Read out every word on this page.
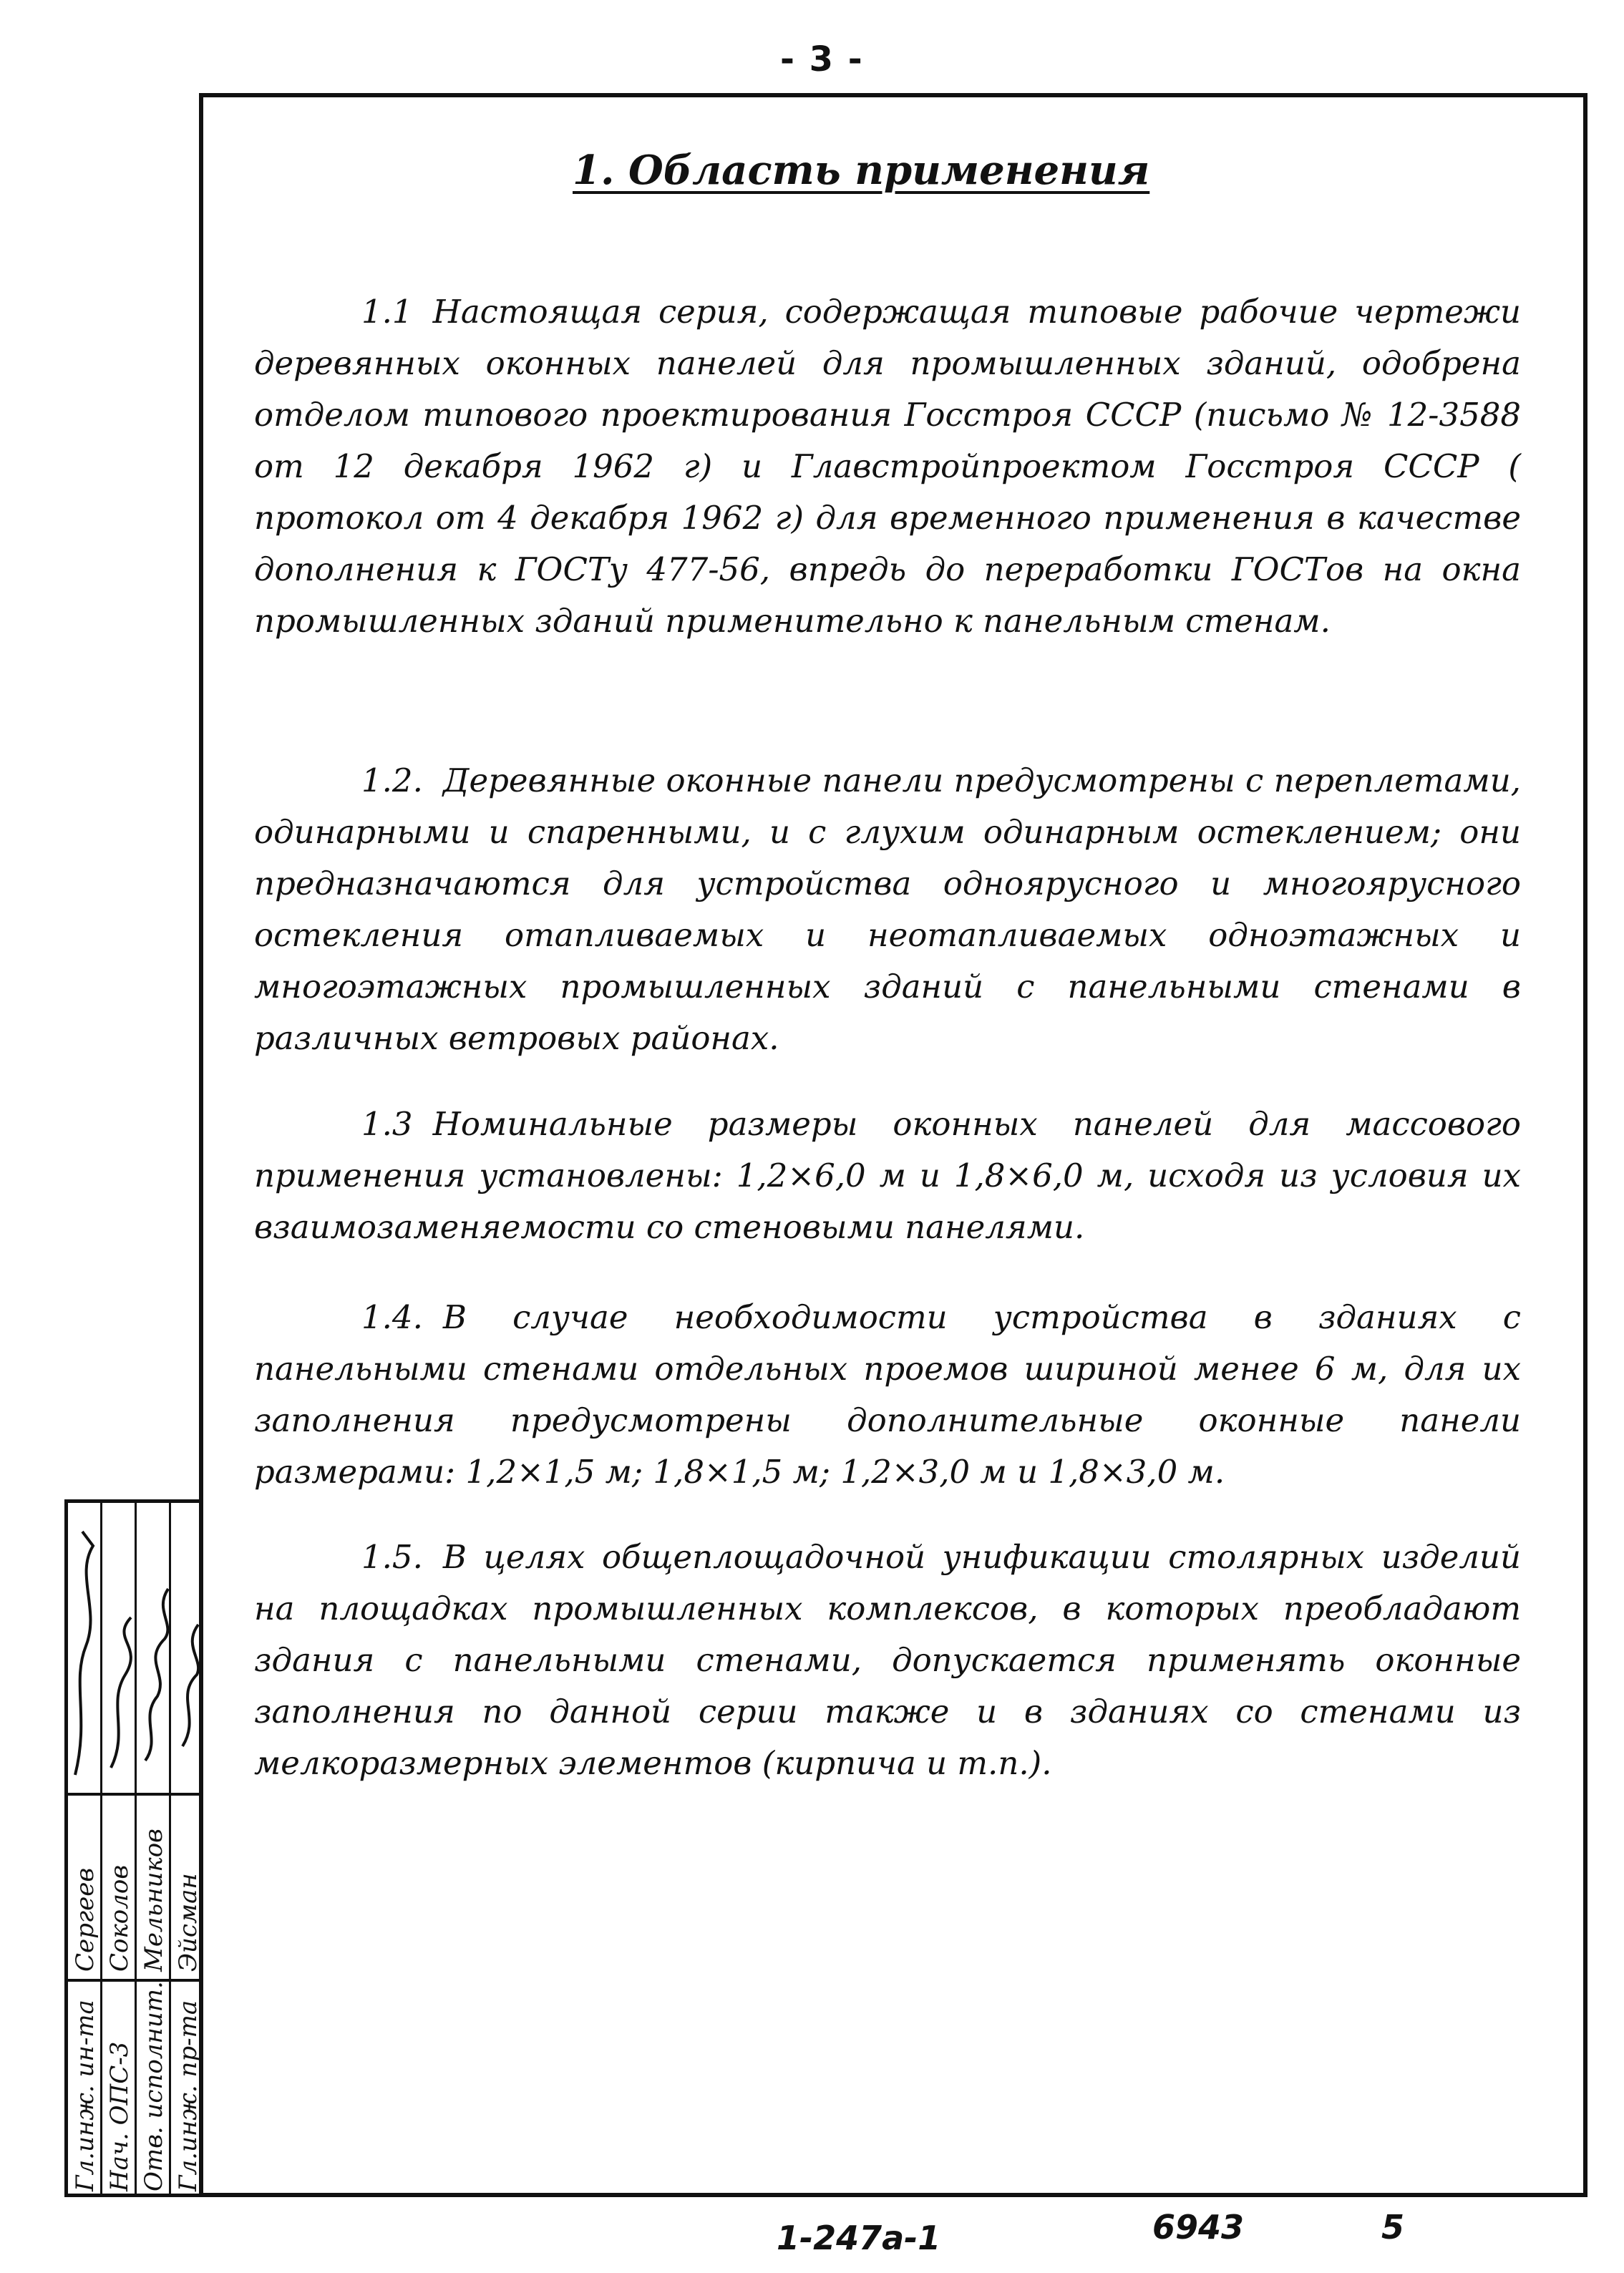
- 3 -
1. Область применения
1.1 Настоящая серия, содержащая типовые рабочие чертежи деревянных оконных панелей для промышленных зданий, одобрена отделом типового проектирования Госстроя СССР (письмо № 12-3588 от 12 декабря 1962 г) и Главстройпроектом Госстроя СССР ( протокол от 4 декабря 1962 г) для временного применения в качестве дополнения к ГОСТу 477-56, впредь до переработки ГОСТов на окна промышленных зданий применительно к панельным стенам.
1.2. Деревянные оконные панели предусмотрены с переплетами, одинарными и спаренными, и с глухим одинарным остеклением; они предназначаются для устройства одноярусного и многоярусного остекления отапливаемых и неотапливаемых одноэтажных и многоэтажных промышленных зданий с панельными стенами в различных ветровых районах.
1.3 Номинальные размеры оконных панелей для массового применения установлены: 1,2×6,0 м и 1,8×6,0 м, исходя из условия их взаимозаменяемости со стеновыми панелями.
1.4. В случае необходимости устройства в зданиях с панельными стенами отдельных проемов шириной менее 6 м, для их заполнения предусмотрены дополнительные оконные панели размерами: 1,2×1,5 м; 1,8×1,5 м; 1,2×3,0 м и 1,8×3,0 м.
1.5. В целях общеплощадочной унификации столярных изделий на площадках промышленных комплексов, в которых преобладают здания с панельными стенами, допускается применять оконные заполнения по данной серии также и в зданиях со стенами из мелкоразмерных элементов (кирпича и т.п.).
Гл.инж. ин-та Нач. ОПС-3 Отв. исполнит. Гл.инж. пр-та
Сергеев Соколов Мельников Эйсман
1-247а-1	6943	5
